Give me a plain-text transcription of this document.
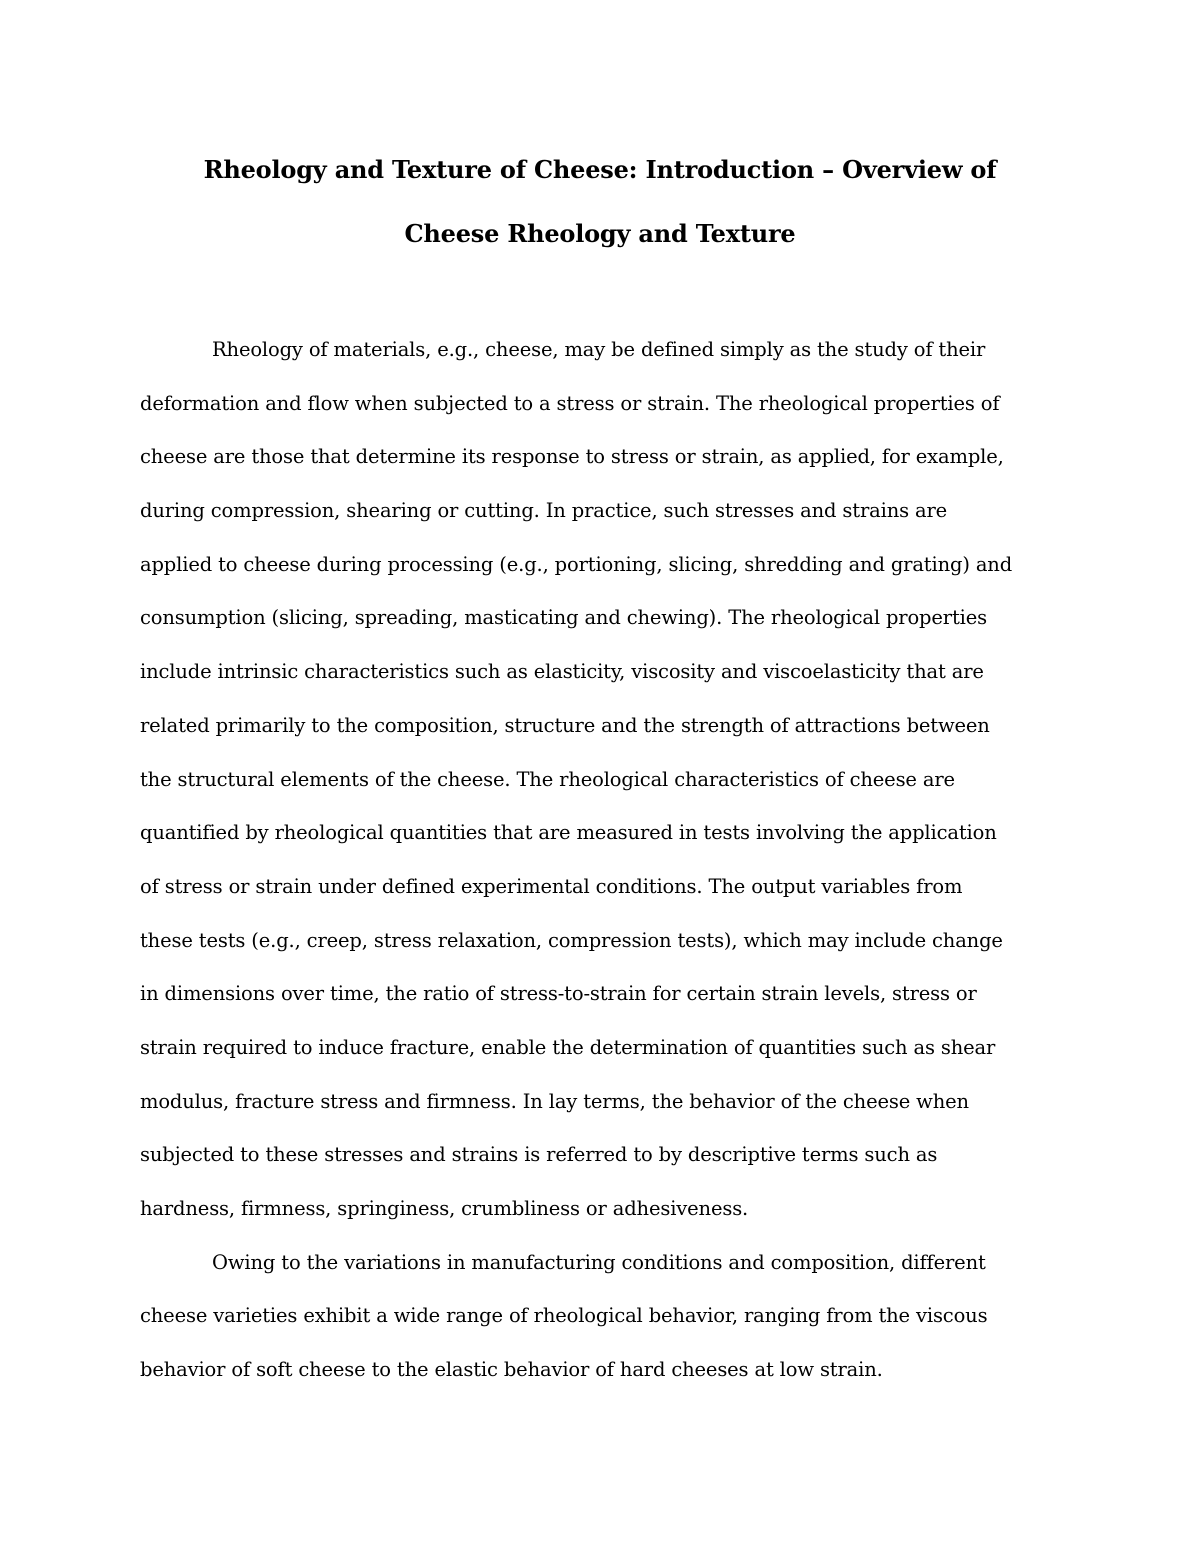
Rheology and Texture of Cheese: Introduction – Overview of
Cheese Rheology and Texture
Rheology of materials, e.g., cheese, may be defined simply as the study of their
deformation and flow when subjected to a stress or strain. The rheological properties of
cheese are those that determine its response to stress or strain, as applied, for example,
during compression, shearing or cutting. In practice, such stresses and strains are
applied to cheese during processing (e.g., portioning, slicing, shredding and grating) and
consumption (slicing, spreading, masticating and chewing). The rheological properties
include intrinsic characteristics such as elasticity, viscosity and viscoelasticity that are
related primarily to the composition, structure and the strength of attractions between
the structural elements of the cheese. The rheological characteristics of cheese are
quantified by rheological quantities that are measured in tests involving the application
of stress or strain under defined experimental conditions. The output variables from
these tests (e.g., creep, stress relaxation, compression tests), which may include change
in dimensions over time, the ratio of stress-to-strain for certain strain levels, stress or
strain required to induce fracture, enable the determination of quantities such as shear
modulus, fracture stress and firmness. In lay terms, the behavior of the cheese when
subjected to these stresses and strains is referred to by descriptive terms such as
hardness, firmness, springiness, crumbliness or adhesiveness.
Owing to the variations in manufacturing conditions and composition, different
cheese varieties exhibit a wide range of rheological behavior, ranging from the viscous
behavior of soft cheese to the elastic behavior of hard cheeses at low strain.
